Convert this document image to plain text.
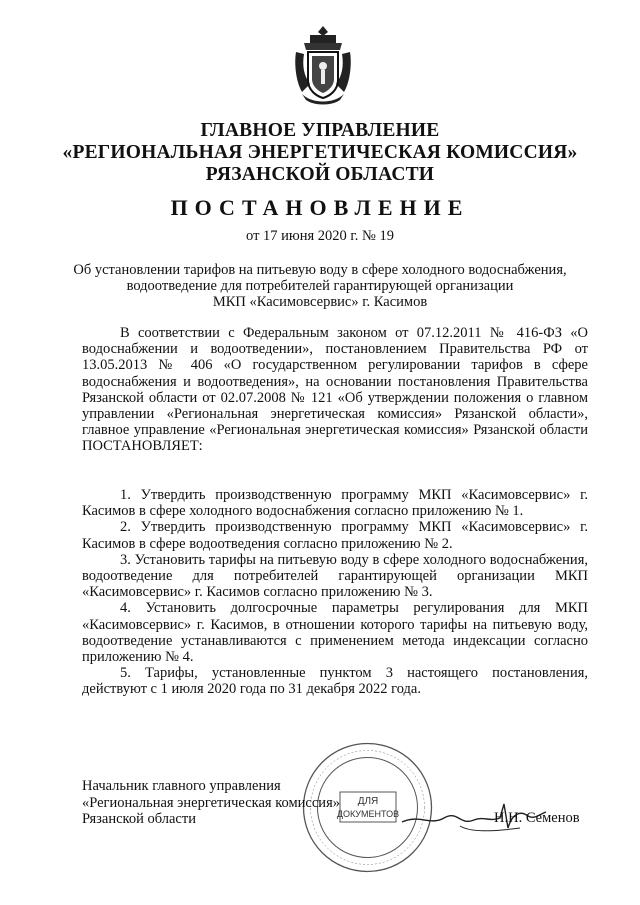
ГЛАВНОЕ УПРАВЛЕНИЕ
«РЕГИОНАЛЬНАЯ ЭНЕРГЕТИЧЕСКАЯ КОМИССИЯ»
РЯЗАНСКОЙ ОБЛАСТИ
ПОСТАНОВЛЕНИЕ
от 17 июня 2020 г. № 19
Об установлении тарифов на питьевую воду в сфере холодного водоснабжения,
водоотведение для потребителей гарантирующей организации
МКП «Касимовсервис» г. Касимов

В соответствии с Федеральным законом от 07.12.2011 № 416-ФЗ «О водоснабжении и водоотведении», постановлением Правительства РФ от 13.05.2013 № 406 «О государственном регулировании тарифов в сфере водоснабжения и водоотведения», на основании постановления Правительства Рязанской области от 02.07.2008 № 121 «Об утверждении положения о главном управлении «Региональная энергетическая комиссия» Рязанской области», главное управление «Региональная энергетическая комиссия» Рязанской области ПОСТАНОВЛЯЕТ:

1. Утвердить производственную программу МКП «Касимовсервис» г. Касимов в сфере холодного водоснабжения согласно приложению № 1.

2. Утвердить производственную программу МКП «Касимовсервис» г. Касимов в сфере водоотведения согласно приложению № 2.

3. Установить тарифы на питьевую воду в сфере холодного водоснабжения, водоотведение для потребителей гарантирующей организации МКП «Касимовсервис» г. Касимов согласно приложению № 3.

4. Установить долгосрочные параметры регулирования для МКП «Касимовсервис» г. Касимов, в отношении которого тарифы на питьевую воду, водоотведение устанавливаются с применением метода индексации согласно приложению № 4.

5. Тарифы, установленные пунктом 3 настоящего постановления, действуют с 1 июля 2020 года по 31 декабря 2022 года.

ДЛЯ
ДОКУМЕНТОВ
Начальник главного управления
«Региональная энергетическая комиссия»
Рязанской области	Н.Н. Семенов
